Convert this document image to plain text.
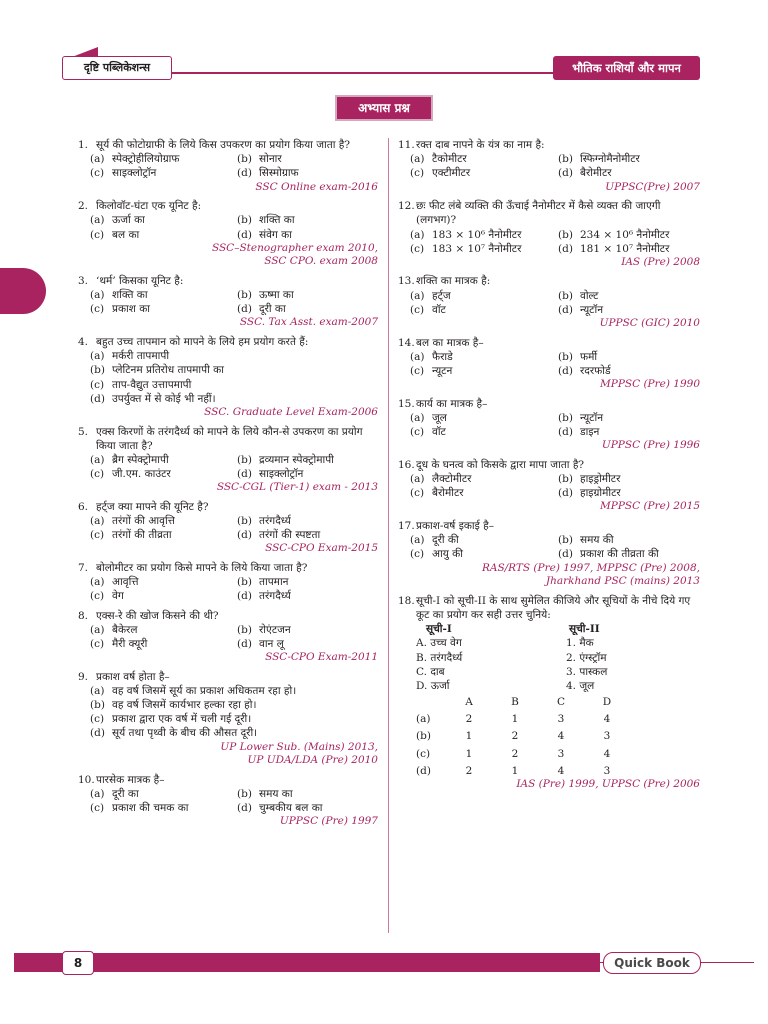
दृष्टि पब्लिकेशन्स	भौतिक राशियाँ और मापन
अभ्यास प्रश्न
1. सूर्य की फोटोग्राफी के लिये किस उपकरण का प्रयोग किया जाता है?
(a) स्पेक्ट्रोहीलियोग्राफ	(b) सोनार
(c) साइक्लोट्रॉन	(d) सिस्मोग्राफ
SSC Online exam-2016
2. किलोवॉट-घंटा एक यूनिट है:
(a) ऊर्जा का	(b) शक्ति का
(c) बल का	(d) संवेग का
SSC–Stenographer exam 2010,
SSC CPO. exam 2008
3. ‘थर्म’ किसका यूनिट है:
(a) शक्ति का	(b) ऊष्मा का
(c) प्रकाश का	(d) दूरी का
SSC. Tax Asst. exam-2007
4. बहुत उच्च तापमान को मापने के लिये हम प्रयोग करते हैं:
(a) मर्करी तापमापी
(b) प्लेटिनम प्रतिरोध तापमापी का
(c) ताप-वैद्युत उत्तापमापी
(d) उपर्युक्त में से कोई भी नहीं।
SSC. Graduate Level Exam-2006
5. एक्स किरणों के तरंगदैर्ध्य को मापने के लिये कौन-से उपकरण का प्रयोग किया जाता है?
(a) ब्रैग स्पेक्ट्रोमापी	(b) द्रव्यमान स्पेक्ट्रोमापी
(c) जी.एम. काउंटर	(d) साइक्लोट्रॉन
SSC-CGL (Tier-1) exam - 2013
6. हर्ट्ज क्या मापने की यूनिट है?
(a) तरंगों की आवृत्ति	(b) तरंगदैर्ध्य
(c) तरंगों की तीव्रता	(d) तरंगों की स्पष्टता
SSC-CPO Exam-2015
7. बोलोमीटर का प्रयोग किसे मापने के लिये किया जाता है?
(a) आवृत्ति	(b) तापमान
(c) वेग	(d) तरंगदैर्ध्य
8. एक्स-रे की खोज किसने की थी?
(a) बैकेरल	(b) रोएंटजन
(c) मैरी क्यूरी	(d) वान लू
SSC-CPO Exam-2011
9. प्रकाश वर्ष होता है–
(a) वह वर्ष जिसमें सूर्य का प्रकाश अधिकतम रहा हो।
(b) वह वर्ष जिसमें कार्यभार हल्का रहा हो।
(c) प्रकाश द्वारा एक वर्ष में चली गई दूरी।
(d) सूर्य तथा पृथ्वी के बीच की औसत दूरी।
UP Lower Sub. (Mains) 2013,
UP UDA/LDA (Pre) 2010
10. पारसेक मात्रक है–
(a) दूरी का	(b) समय का
(c) प्रकाश की चमक का	(d) चुम्बकीय बल का
UPPSC (Pre) 1997
11. रक्त दाब नापने के यंत्र का नाम है:
(a) टैकोमीटर	(b) स्फिग्नोमैनोमीटर
(c) एक्टीमीटर	(d) बैरोमीटर
UPPSC(Pre) 2007
12. छः फीट लंबे व्यक्ति की ऊँचाई नैनोमीटर में कैसे व्यक्त की जाएगी (लगभग)?
(a) 183 × 10⁶ नैनोमीटर	(b) 234 × 10⁶ नैनोमीटर
(c) 183 × 10⁷ नैनोमीटर	(d) 181 × 10⁷ नैनोमीटर
IAS (Pre) 2008
13. शक्ति का मात्रक है:
(a) हर्ट्ज	(b) वोल्ट
(c) वॉट	(d) न्यूटॉन
UPPSC (GIC) 2010
14. बल का मात्रक है–
(a) फैराडे	(b) फर्मी
(c) न्यूटन	(d) रदरफोर्ड
MPPSC (Pre) 1990
15. कार्य का मात्रक है–
(a) जूल	(b) न्यूटॉन
(c) वॉट	(d) डाइन
UPPSC (Pre) 1996
16. दूध के घनत्व को किसके द्वारा मापा जाता है?
(a) लैक्टोमीटर	(b) हाइड्रोमीटर
(c) बैरोमीटर	(d) हाइग्रोमीटर
MPPSC (Pre) 2015
17. प्रकाश-वर्ष इकाई है–
(a) दूरी की	(b) समय की
(c) आयु की	(d) प्रकाश की तीव्रता की
RAS/RTS (Pre) 1997, MPPSC (Pre) 2008,
Jharkhand PSC (mains) 2013
18. सूची-I को सूची-II के साथ सुमेलित कीजिये और सूचियों के नीचे दिये गए कूट का प्रयोग कर सही उत्तर चुनिये:
सूची-I	सूची-II
A. उच्च वेग	1. मैक
B. तरंगदैर्ध्य	2. एंग्स्ट्रॉम
C. दाब	3. पास्कल
D. ऊर्जा	4. जूल
A	B	C	D
(a)	2	1	3	4
(b)	1	2	4	3
(c)	1	2	3	4
(d)	2	1	4	3
IAS (Pre) 1999, UPPSC (Pre) 2006
8	Quick Book
